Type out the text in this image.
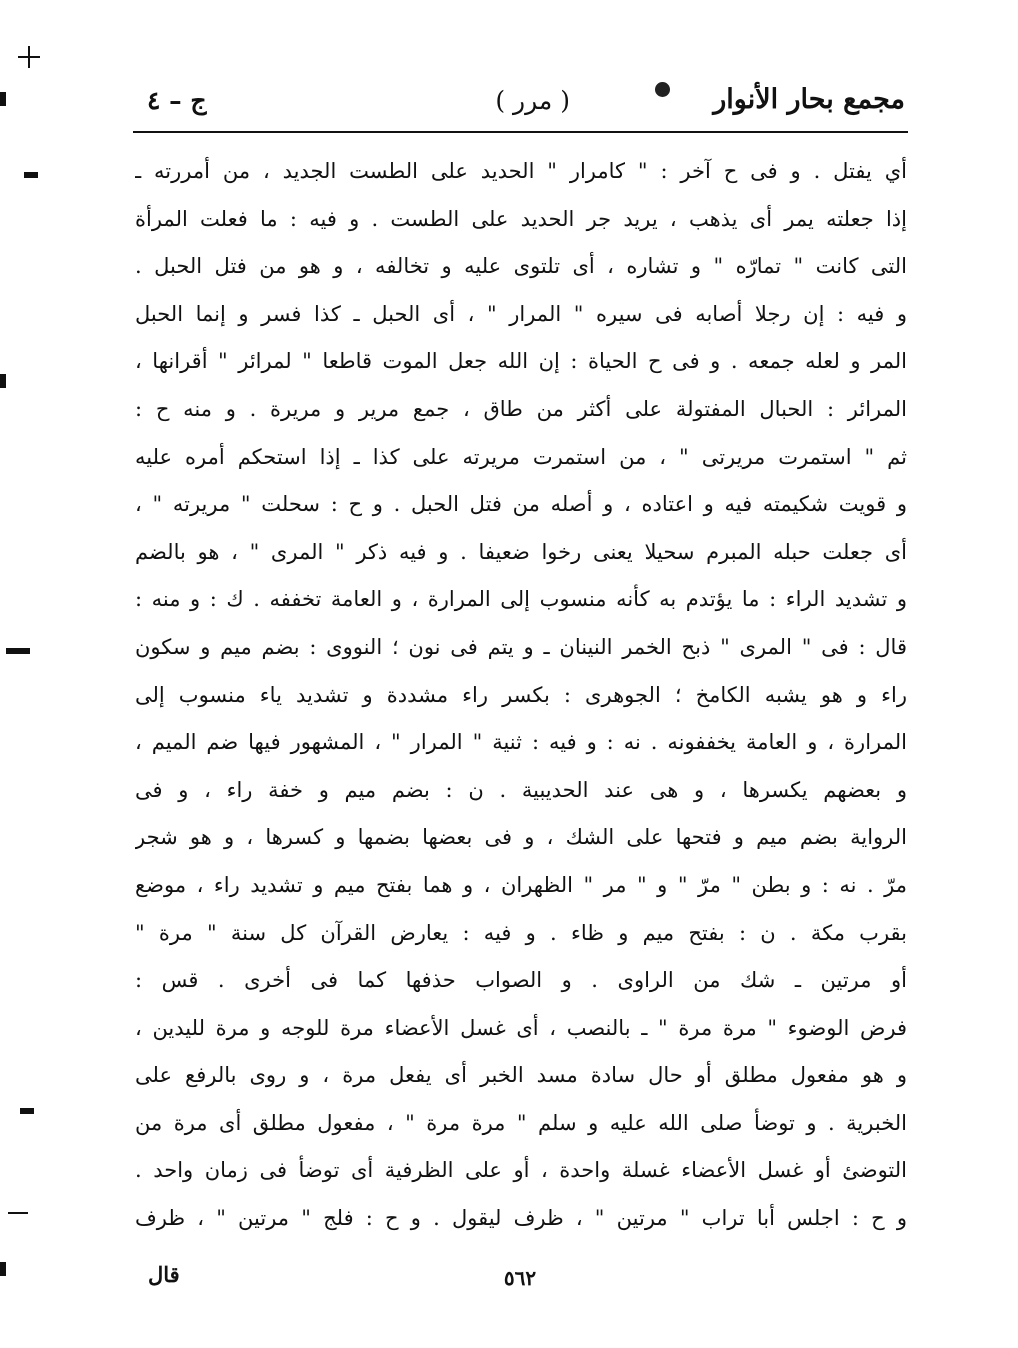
مجمع بحار الأنوار
( مرر )
ج – ٤
أي يفتل . و فى ح آخر : " كامرار " الحديد على الطست الجديد ، من أمررته ـ
إذا جعلته يمر أى يذهب ، يريد جر الحديد على الطست . و فيه : ما فعلت المرأة
التى كانت " تمارّه " و تشاره ، أى تلتوى عليه و تخالفه ، و هو من فتل الحبل .
و فيه : إن رجلا أصابه فى سيره " المرار " ، أى الحبل ـ كذا فسر و إنما الحبل
المر و لعله جمعه . و فى ح الحياة : إن الله جعل الموت قاطعا " لمرائر " أقرانها ،
المرائر : الحبال المفتولة على أكثر من طاق ، جمع مرير و مريرة . و منه ح :
ثم " استمرت مريرتى " ، من استمرت مريرته على كذا ـ إذا استحكم أمره عليه
و قويت شكيمته فيه و اعتاده ، و أصله من فتل الحبل . و ح : سحلت " مريرته " ،
أى جعلت حبله المبرم سحيلا يعنى رخوا ضعيفا . و فيه ذكر " المرى " ، هو بالضم
و تشديد الراء : ما يؤتدم به كأنه منسوب إلى المرارة ، و العامة تخففه . ك : و منه :
قال : فى " المرى " ذبح الخمر النينان ـ و يتم فى نون ؛ النووى : بضم ميم و سكون
راء و هو يشبه الكامخ ؛ الجوهرى : بكسر راء مشددة و تشديد ياء منسوب إلى
المرارة ، و العامة يخففونه . نه : و فيه : ثنية " المرار " ، المشهور فيها ضم الميم ،
و بعضهم يكسرها ، و هى عند الحديبية . ن : بضم ميم و خفة راء ، و فى
الرواية بضم ميم و فتحها على الشك ، و فى بعضها بضمها و كسرها ، و هو شجر
مرّ . نه : و بطن " مرّ " و " مر " الظهران ، و هما بفتح ميم و تشديد راء ، موضع
بقرب مكة . ن : بفتح ميم و ظاء . و فيه : يعارض القرآن كل سنة " مرة "
أو مرتين ـ شك من الراوى . و الصواب حذفها كما فى أخرى . قس :
فرض الوضوء " مرة مرة " ـ بالنصب ، أى غسل الأعضاء مرة للوجه و مرة لليدين ،
و هو مفعول مطلق أو حال سادة مسد الخبر أى يفعل مرة ، و روى بالرفع على
الخبرية . و توضأ صلى الله عليه و سلم " مرة مرة " ، مفعول مطلق أى مرة من
التوضئ أو غسل الأعضاء غسلة واحدة ، أو على الظرفية أى توضأ فى زمان واحد .
و ح : اجلس أبا تراب " مرتين " ، ظرف ليقول . و ح : فلج " مرتين " ، ظرف
قال	٥٦٢
